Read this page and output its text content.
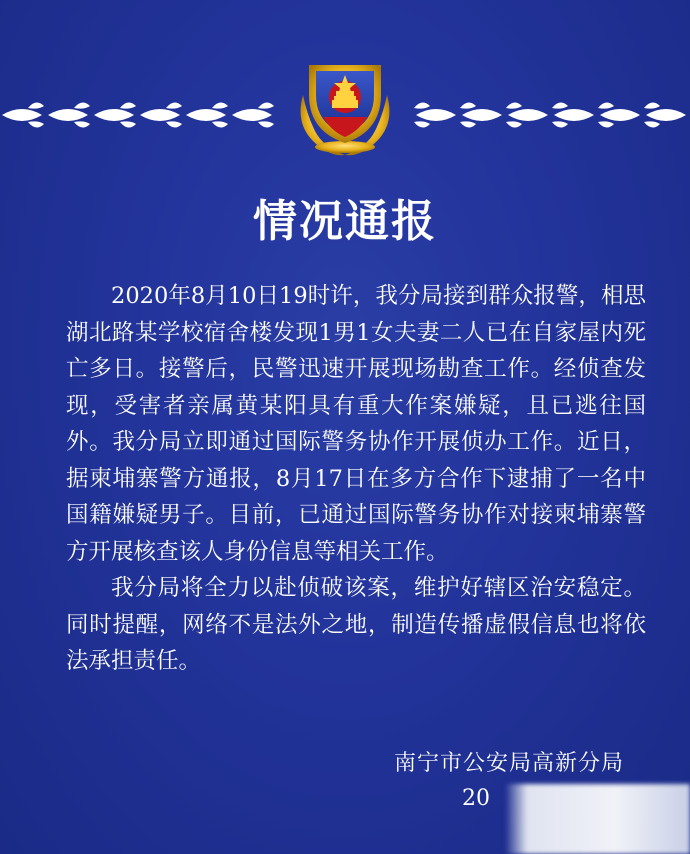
情况通报

2020年8月10日19时许，我分局接到群众报警，相思湖北路某学校宿舍楼发现1男1女夫妻二人已在自家屋内死亡多日。接警后，民警迅速开展现场勘查工作。经侦查发现，受害者亲属黄某阳具有重大作案嫌疑，且已逃往国外。我分局立即通过国际警务协作开展侦办工作。近日，据柬埔寨警方通报，8月17日在多方合作下逮捕了一名中国籍嫌疑男子。目前，已通过国际警务协作对接柬埔寨警方开展核查该人身份信息等相关工作。

我分局将全力以赴侦破该案，维护好辖区治安稳定。同时提醒，网络不是法外之地，制造传播虚假信息也将依法承担责任。

南宁市公安局高新分局
20
